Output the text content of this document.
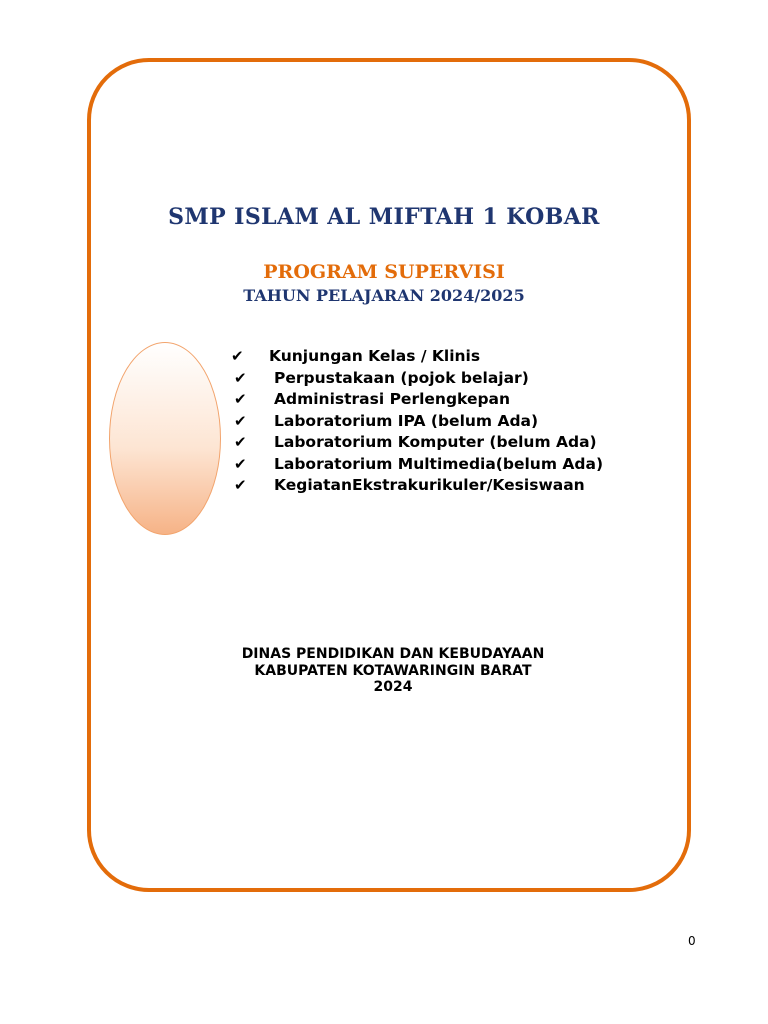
SMP ISLAM AL MIFTAH 1 KOBAR
PROGRAM SUPERVISI
TAHUN PELAJARAN 2024/2025
✔	Kunjungan Kelas / Klinis
✔	Perpustakaan (pojok belajar)
✔	Administrasi Perlengkepan
✔	Laboratorium IPA (belum Ada)
✔	Laboratorium Komputer (belum Ada)
✔	Laboratorium Multimedia(belum Ada)
✔	KegiatanEkstrakurikuler/Kesiswaan
DINAS PENDIDIKAN DAN KEBUDAYAAN
KABUPATEN KOTAWARINGIN BARAT
2024
0
